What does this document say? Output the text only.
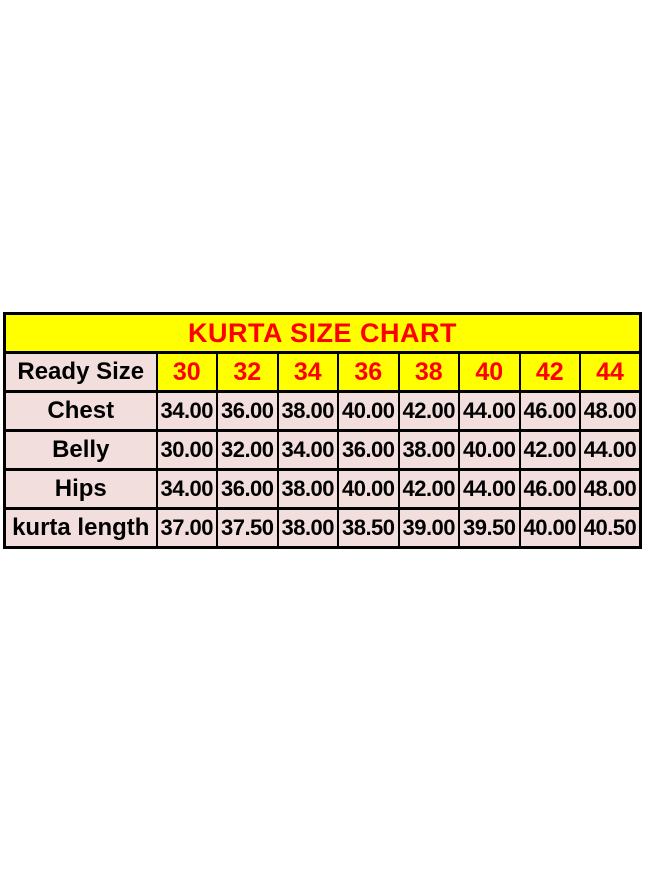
KURTA SIZE CHART								
Ready Size	30	32	34	36	38	40	42	44
Chest	34.00	36.00	38.00	40.00	42.00	44.00	46.00	48.00
Belly	30.00	32.00	34.00	36.00	38.00	40.00	42.00	44.00
Hips	34.00	36.00	38.00	40.00	42.00	44.00	46.00	48.00
kurta length	37.00	37.50	38.00	38.50	39.00	39.50	40.00	40.50
